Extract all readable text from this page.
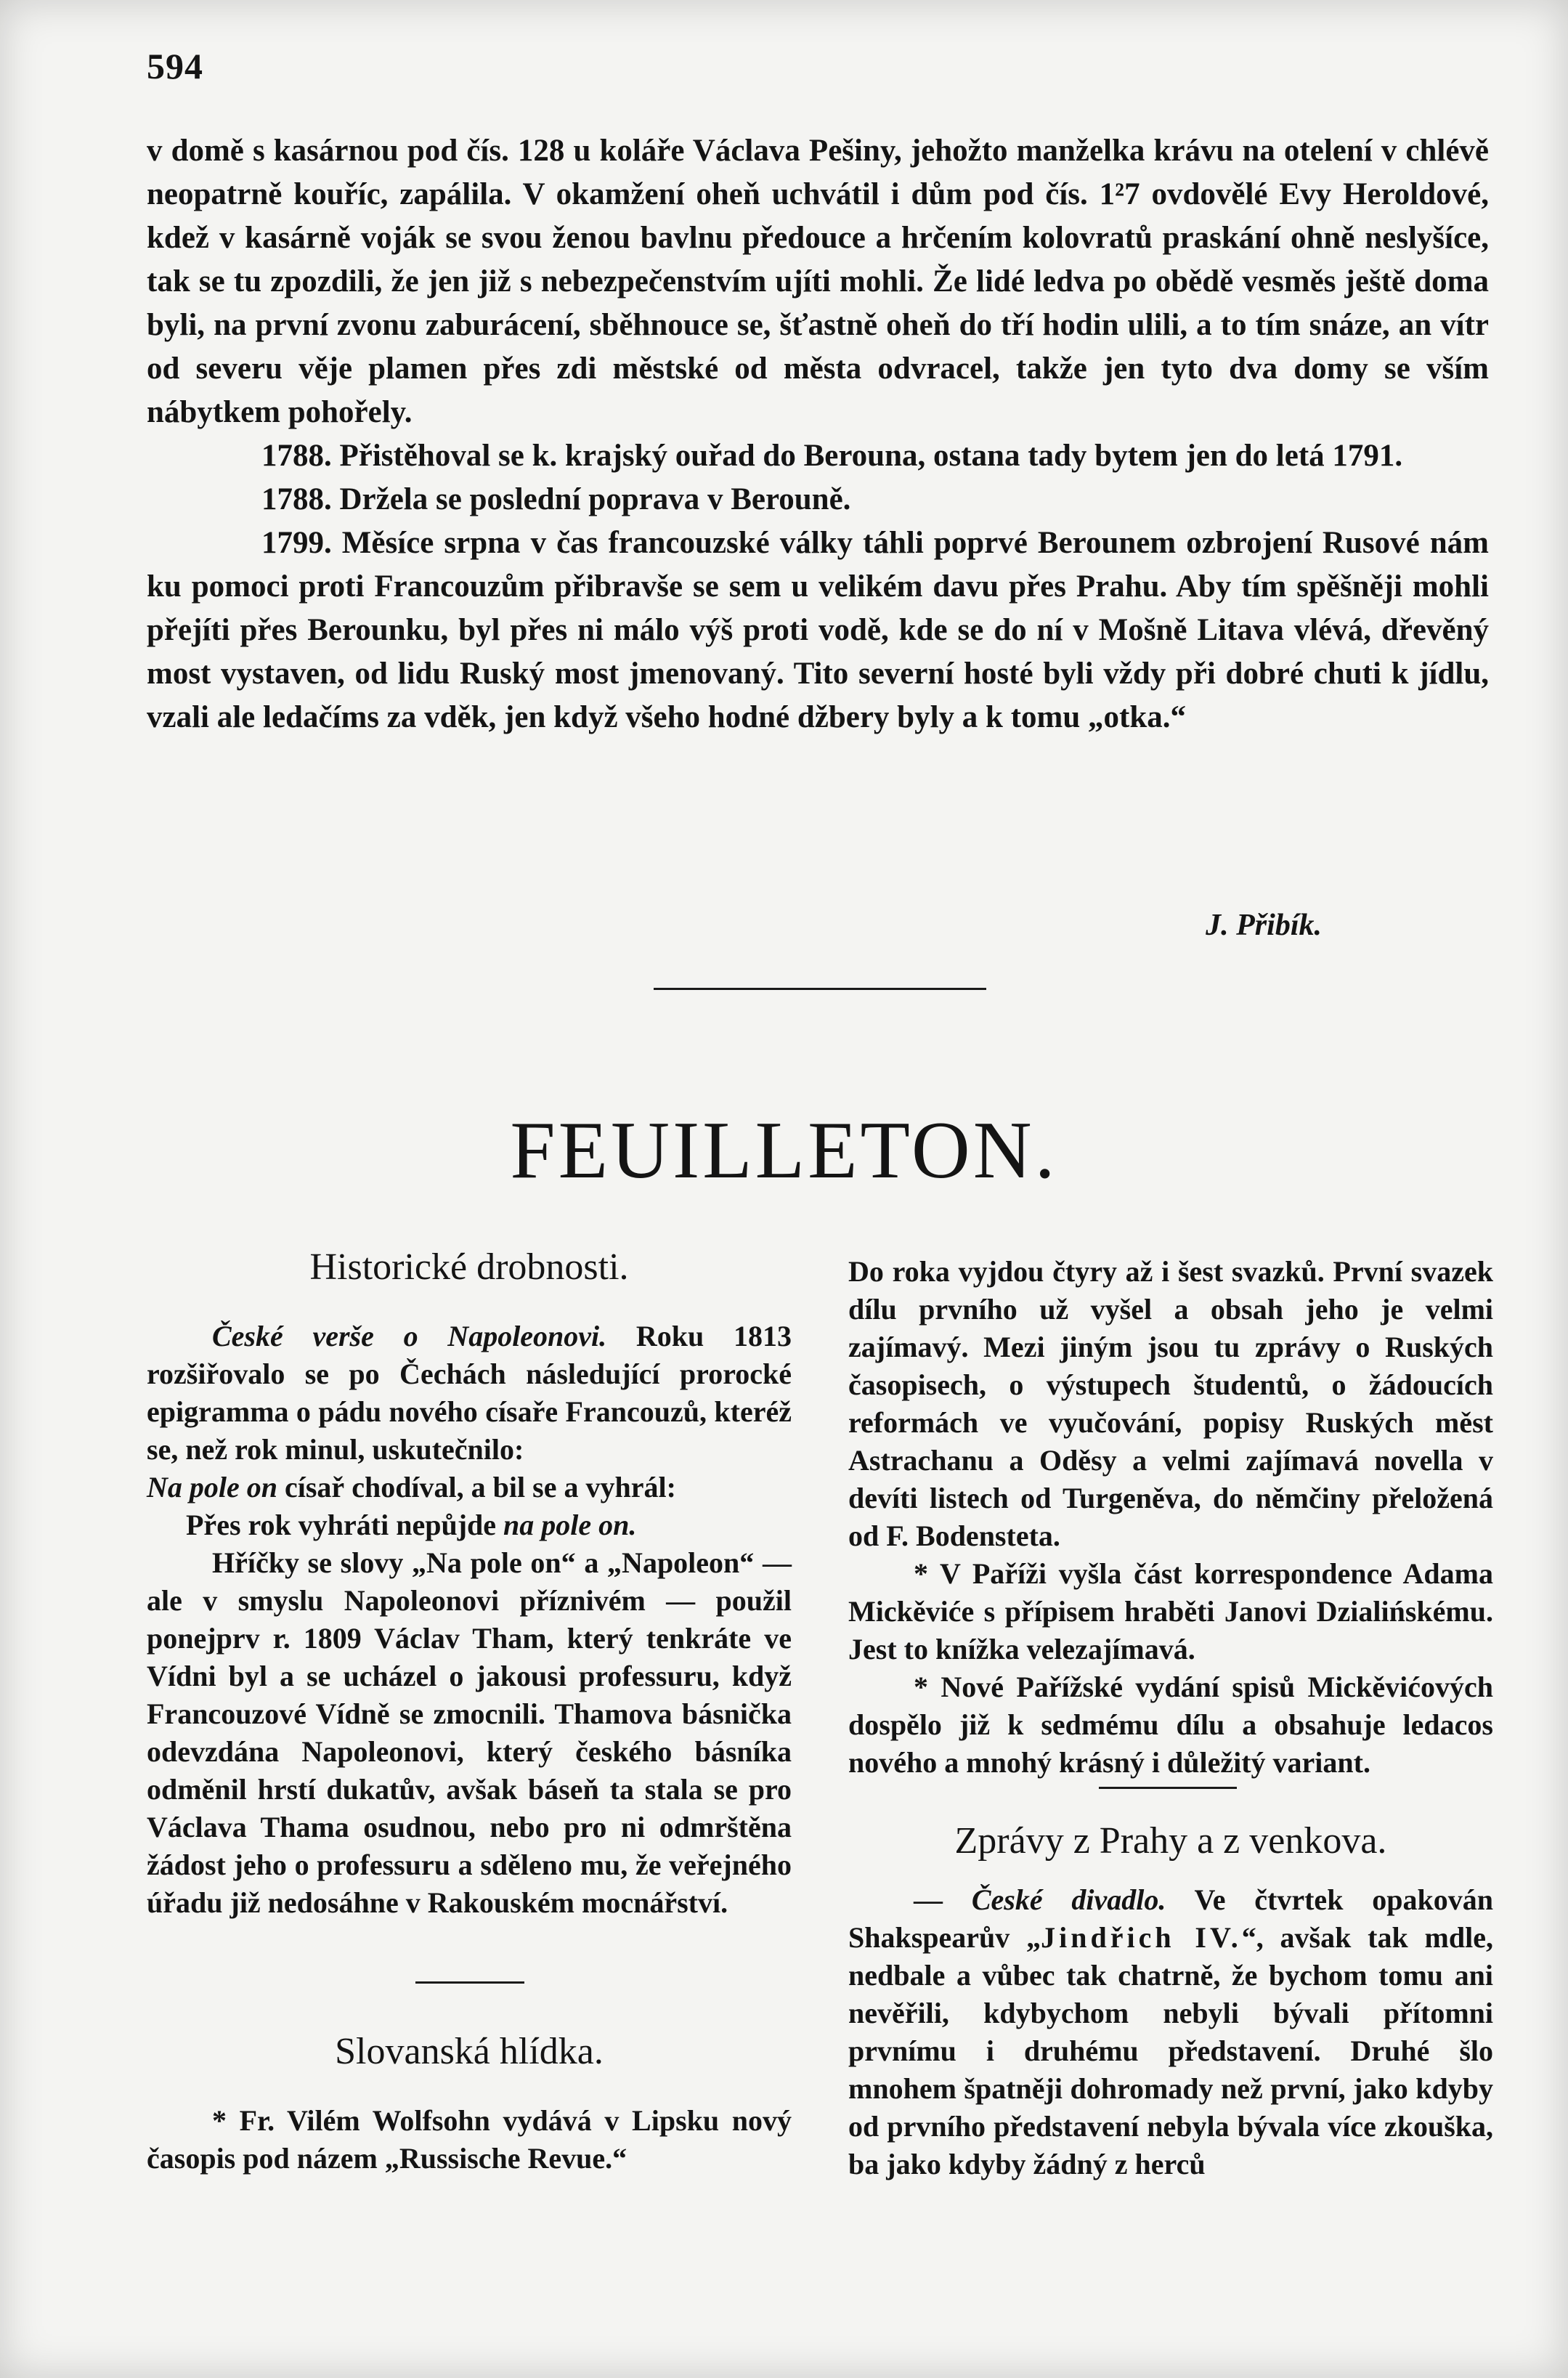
594

v domě s kasárnou pod čís. 128 u koláře Václava Pešiny, jehožto manželka krávu na otelení v chlévě neopatrně kouříc, zapálila. V okamžení oheň uchvátil i dům pod čís. 1²7 ovdovělé Evy Heroldové, kdež v kasárně voják se svou ženou bavlnu předouce a hrčením kolovratů praskání ohně neslyšíce, tak se tu zpozdili, že jen již s nebezpečenstvím ujíti mohli. Že lidé ledva po obědě vesměs ještě doma byli, na první zvonu zaburácení, sběhnouce se, šťastně oheň do tří hodin ulili, a to tím snáze, an vítr od severu věje plamen přes zdi městské od města odvracel, takže jen tyto dva domy se vším nábytkem pohořely.

1788. Přistěhoval se k. krajský ouřad do Berouna, ostana tady bytem jen do letá 1791.

1788. Držela se poslední poprava v Berouně.

1799. Měsíce srpna v čas francouzské války táhli poprvé Berounem ozbrojení Rusové nám ku pomoci proti Francouzům přibravše se sem u velikém davu přes Prahu. Aby tím spěšněji mohli přejíti přes Berounku, byl přes ni málo výš proti vodě, kde se do ní v Mošně Litava vlévá, dřevěný most vystaven, od lidu Ruský most jmenovaný. Tito severní hosté byli vždy při dobré chuti k jídlu, vzali ale ledačíms za vděk, jen když všeho hodné džbery byly a k tomu „otka.“

J. Přibík.
FEUILLETON.
Historické drobnosti.

České verše o Napoleonovi. Roku 1813 rozšiřovalo se po Čechách následující prorocké epigramma o pádu nového císaře Francouzů, kteréž se, než rok minul, uskutečnilo:

Na pole on císař chodíval, a bil se a vyhrál:

Přes rok vyhráti nepůjde na pole on.

Hříčky se slovy „Na pole on“ a „Napoleon“ — ale v smyslu Napoleonovi příznivém — použil ponejprv r. 1809 Václav Tham, který tenkráte ve Vídni byl a se ucházel o jakousi professuru, když Francouzové Vídně se zmocnili. Thamova básnička odevzdána Napoleonovi, který českého básníka odměnil hrstí dukatův, avšak báseň ta stala se pro Václava Thama osudnou, nebo pro ni odmrštěna žádost jeho o professuru a sděleno mu, že veřejného úřadu již nedosáhne v Rakouském mocnářství.

Slovanská hlídka.

* Fr. Vilém Wolfsohn vydává v Lipsku nový časopis pod názem „Russische Revue.“

Do roka vyjdou čtyry až i šest svazků. První svazek dílu prvního už vyšel a obsah jeho je velmi zajímavý. Mezi jiným jsou tu zprávy o Ruských časopisech, o výstupech študentů, o žádoucích reformách ve vyučování, popisy Ruských měst Astrachanu a Oděsy a velmi zajímavá novella v devíti listech od Turgeněva, do němčiny přeložená od F. Bodensteta.

* V Paříži vyšla část korrespondence Adama Mickěviće s přípisem hraběti Janovi Dzialińskému. Jest to knížka velezajímavá.

* Nové Pařížské vydání spisů Mickěvićových dospělo již k sedmému dílu a obsahuje ledacos nového a mnohý krásný i důležitý variant.

Zprávy z Prahy a z venkova.

— České divadlo. Ve čtvrtek opakován Shakspearův „Jindřich IV.“, avšak tak mdle, nedbale a vůbec tak chatrně, že bychom tomu ani nevěřili, kdybychom nebyli bývali přítomni prvnímu i druhému představení. Druhé šlo mnohem špatněji dohromady než první, jako kdyby od prvního představení nebyla bývala více zkouška, ba jako kdyby žádný z herců
